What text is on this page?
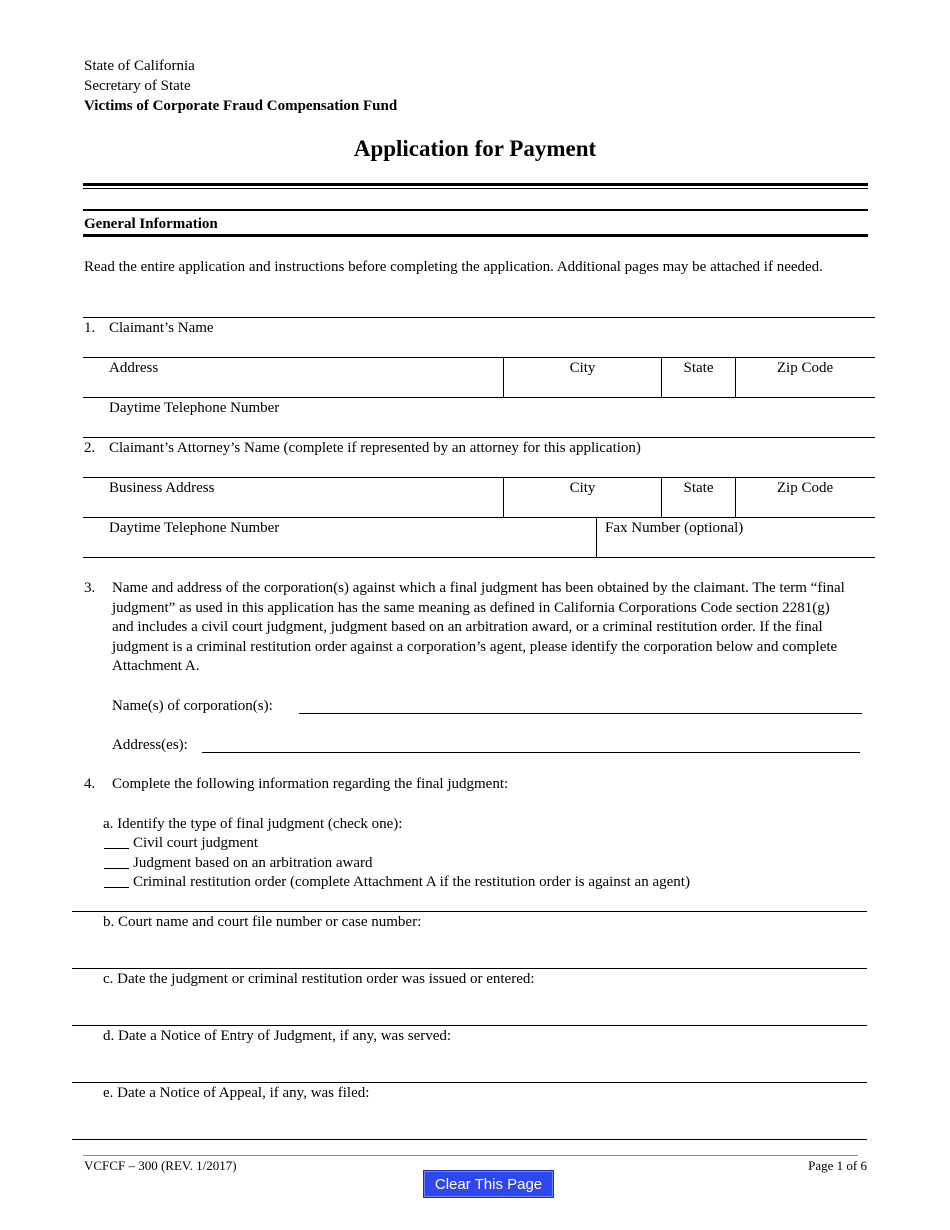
State of California
Secretary of State
Victims of Corporate Fraud Compensation Fund
Application for Payment
General Information
Read the entire application and instructions before completing the application. Additional pages may be attached if needed.
1. Claimant’s Name
Address	City	State	Zip Code
Daytime Telephone Number
2. Claimant’s Attorney’s Name (complete if represented by an attorney for this application)
Business Address	City	State	Zip Code
Daytime Telephone Number	Fax Number (optional)
3. Name and address of the corporation(s) against which a final judgment has been obtained by the claimant. The term “final judgment” as used in this application has the same meaning as defined in California Corporations Code section 2281(g) and includes a civil court judgment, judgment based on an arbitration award, or a criminal restitution order. If the final judgment is a criminal restitution order against a corporation’s agent, please identify the corporation below and complete Attachment A.
Name(s) of corporation(s):
Address(es):
4. Complete the following information regarding the final judgment:
a. Identify the type of final judgment (check one):
Civil court judgment
Judgment based on an arbitration award
Criminal restitution order (complete Attachment A if the restitution order is against an agent)
b. Court name and court file number or case number:
c. Date the judgment or criminal restitution order was issued or entered:
d. Date a Notice of Entry of Judgment, if any, was served:
e. Date a Notice of Appeal, if any, was filed:
VCFCF – 300 (REV. 1/2017)	Page 1 of 6
Clear This Page
